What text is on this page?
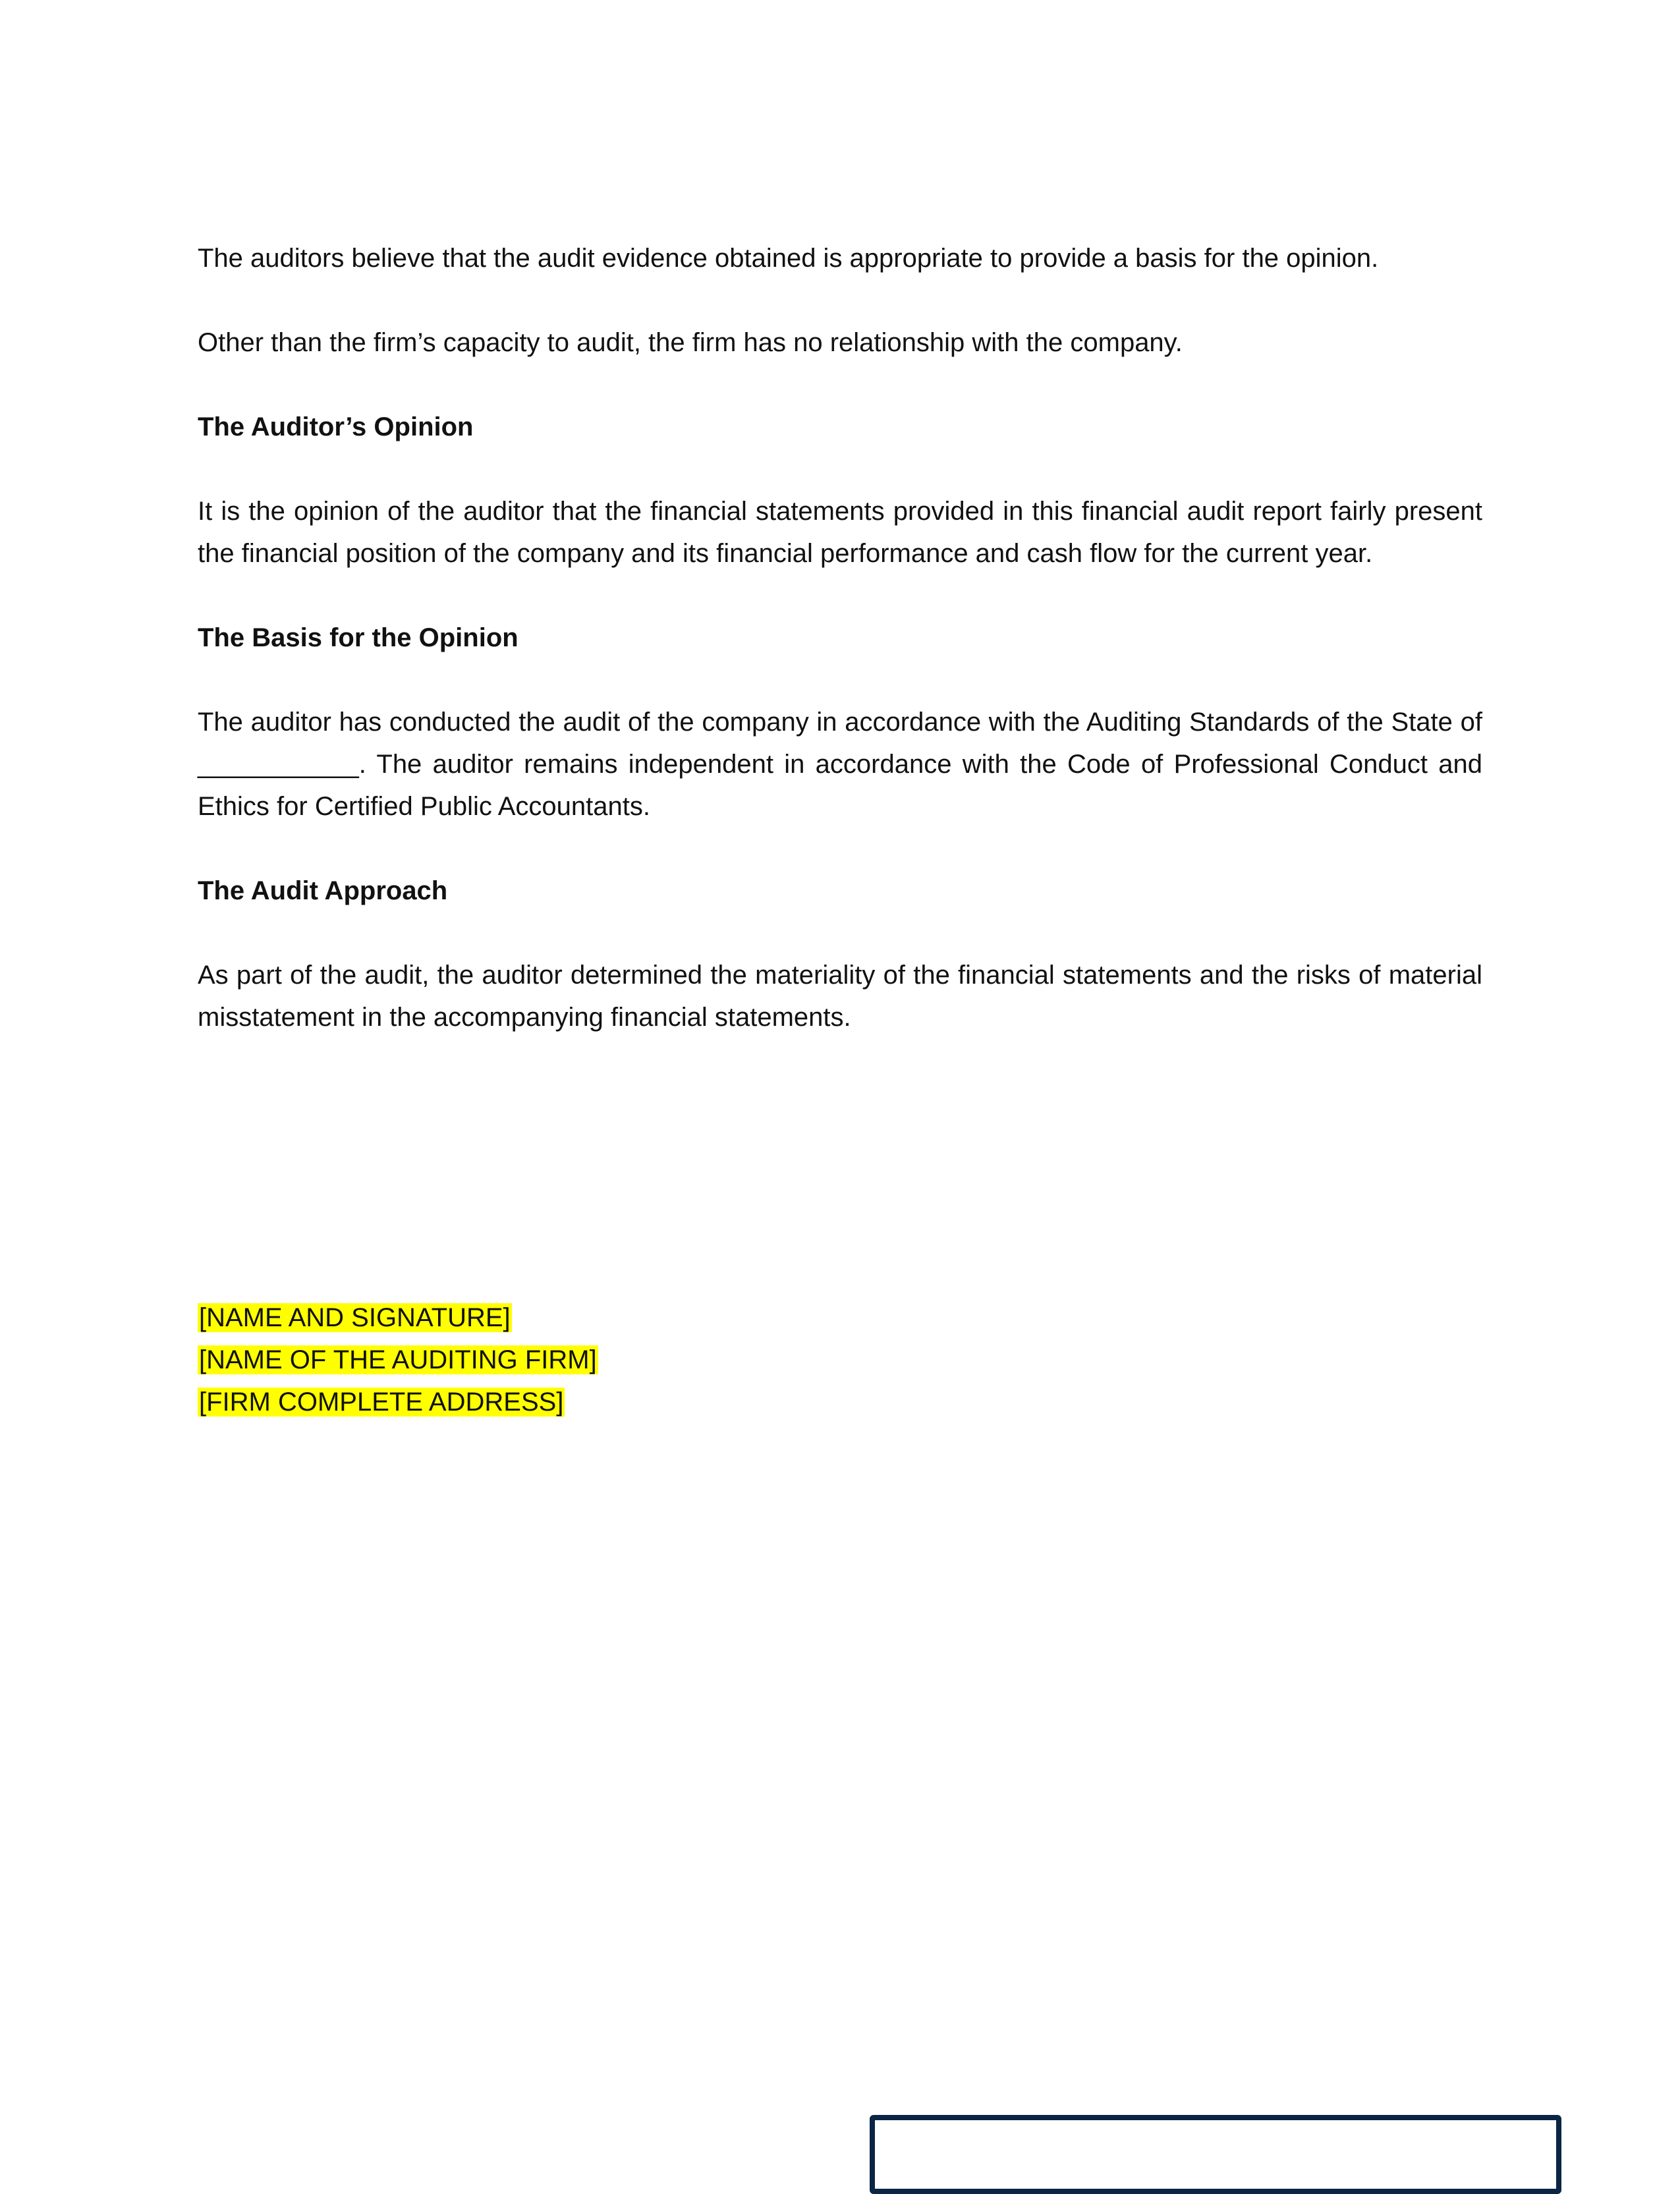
The auditors believe that the audit evidence obtained is appropriate to provide a basis for the opinion.

Other than the firm’s capacity to audit, the firm has no relationship with the company.

The Auditor’s Opinion

It is the opinion of the auditor that the financial statements provided in this financial audit report fairly present the financial position of the company and its financial performance and cash flow for the current year.

The Basis for the Opinion

The auditor has conducted the audit of the company in accordance with the Auditing Standards of the State of ___________. The auditor remains independent in accordance with the Code of Professional Conduct and Ethics for Certified Public Accountants.

The Audit Approach

As part of the audit, the auditor determined the materiality of the financial statements and the risks of material misstatement in the accompanying financial statements.

[NAME AND SIGNATURE]
[NAME OF THE AUDITING FIRM]
[FIRM COMPLETE ADDRESS]
